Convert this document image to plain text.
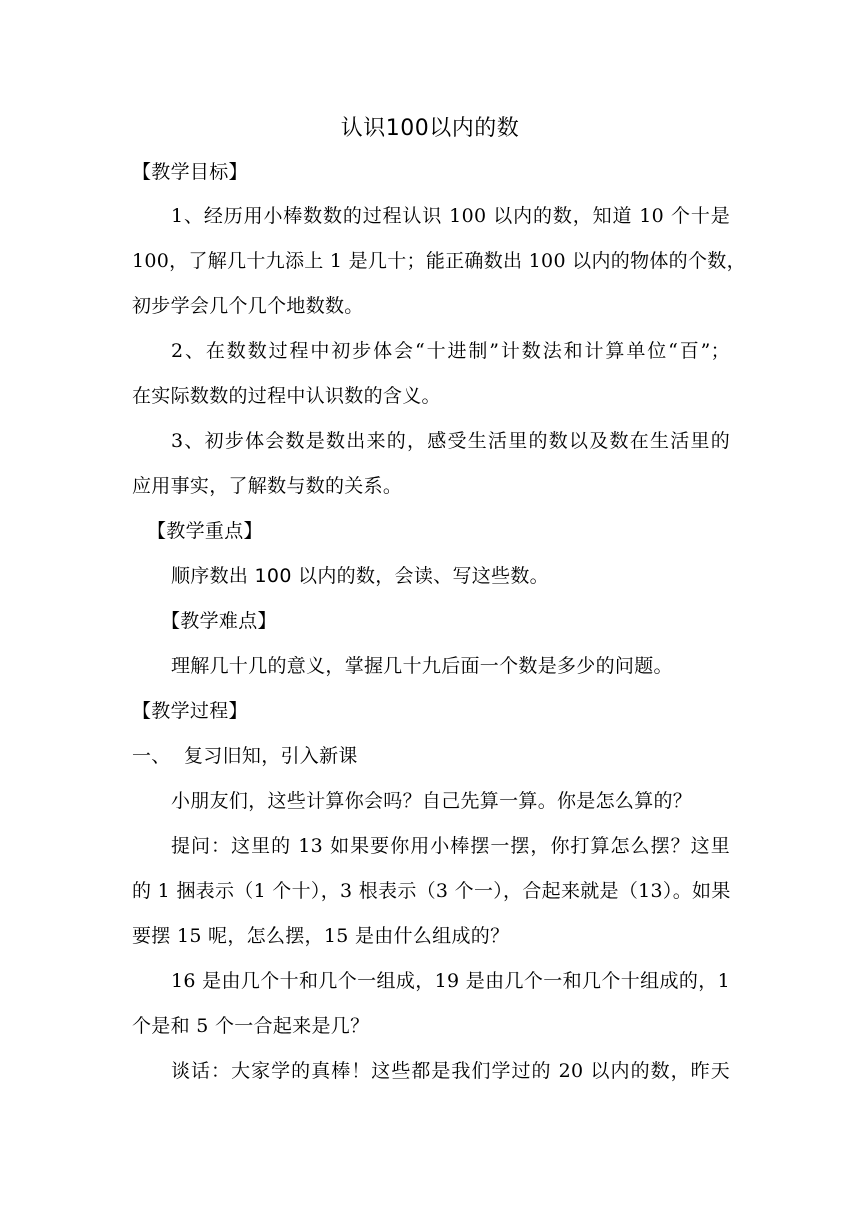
认识100以内的数
【教学目标】
1、经历用小棒数数的过程认识 100 以内的数，知道 10 个十是
100，了解几十九添上 1 是几十；能正确数出 100 以内的物体的个数，
初步学会几个几个地数数。
2、在数数过程中初步体会“十进制”计数法和计算单位“百”；
在实际数数的过程中认识数的含义。
3、初步体会数是数出来的，感受生活里的数以及数在生活里的
应用事实，了解数与数的关系。
【教学重点】
顺序数出 100 以内的数，会读、写这些数。
【教学难点】
理解几十几的意义，掌握几十九后面一个数是多少的问题。
【教学过程】
一、 复习旧知，引入新课
小朋友们，这些计算你会吗？自己先算一算。你是怎么算的？
提问：这里的 13 如果要你用小棒摆一摆，你打算怎么摆？这里
的 1 捆表示（1 个十），3 根表示（3 个一），合起来就是（13）。如果
要摆 15 呢，怎么摆，15 是由什么组成的？
16 是由几个十和几个一组成，19 是由几个一和几个十组成的，1
个是和 5 个一合起来是几？
谈话：大家学的真棒！这些都是我们学过的 20 以内的数，昨天
